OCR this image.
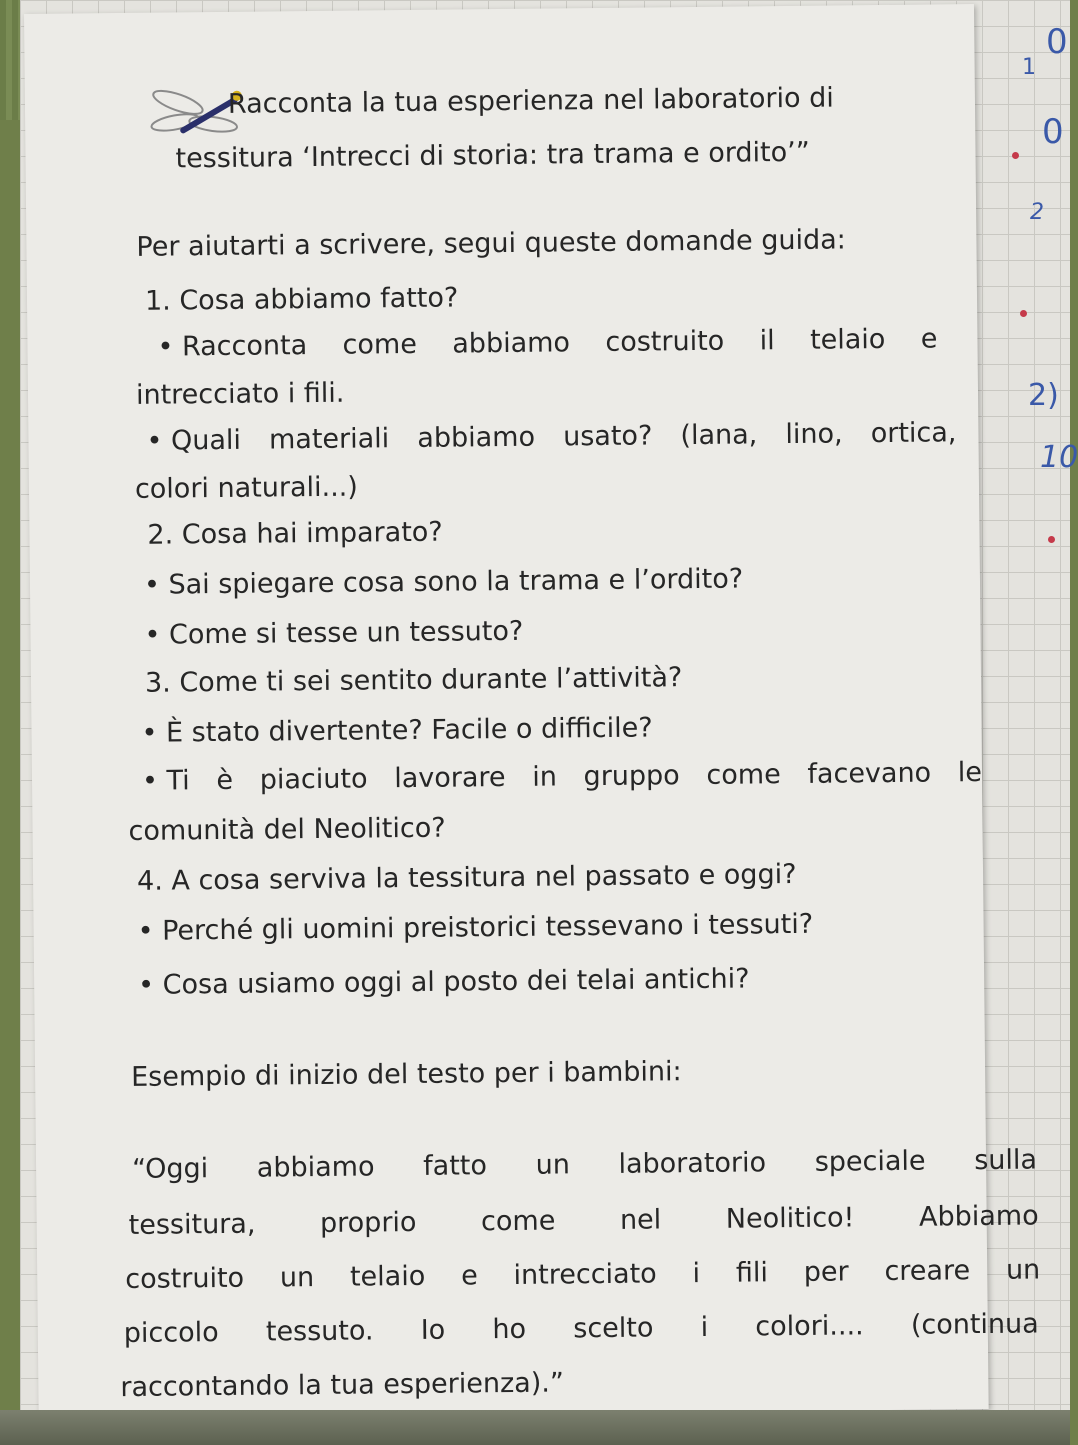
1
0
0
2
2)
10
Racconta la tua esperienza nel laboratorio di
tessitura ‘Intrecci di storia: tra trama e ordito’”
Per aiutarti a scrivere, segui queste domande guida:
1. Cosa abbiamo fatto?
• Racconta come abbiamo costruito il telaio e
intrecciato i fili.
• Quali materiali abbiamo usato? (lana, lino, ortica,
colori naturali...)
2. Cosa hai imparato?
• Sai spiegare cosa sono la trama e l’ordito?
• Come si tesse un tessuto?
3. Come ti sei sentito durante l’attività?
• È stato divertente? Facile o difficile?
• Ti è piaciuto lavorare in gruppo come facevano le
comunità del Neolitico?
4. A cosa serviva la tessitura nel passato e oggi?
• Perché gli uomini preistorici tessevano i tessuti?
• Cosa usiamo oggi al posto dei telai antichi?
Esempio di inizio del testo per i bambini:
“Oggi abbiamo fatto un laboratorio speciale sulla
tessitura, proprio come nel Neolitico! Abbiamo
costruito un telaio e intrecciato i fili per creare un
piccolo tessuto. Io ho scelto i colori.... (continua
raccontando la tua esperienza).”
